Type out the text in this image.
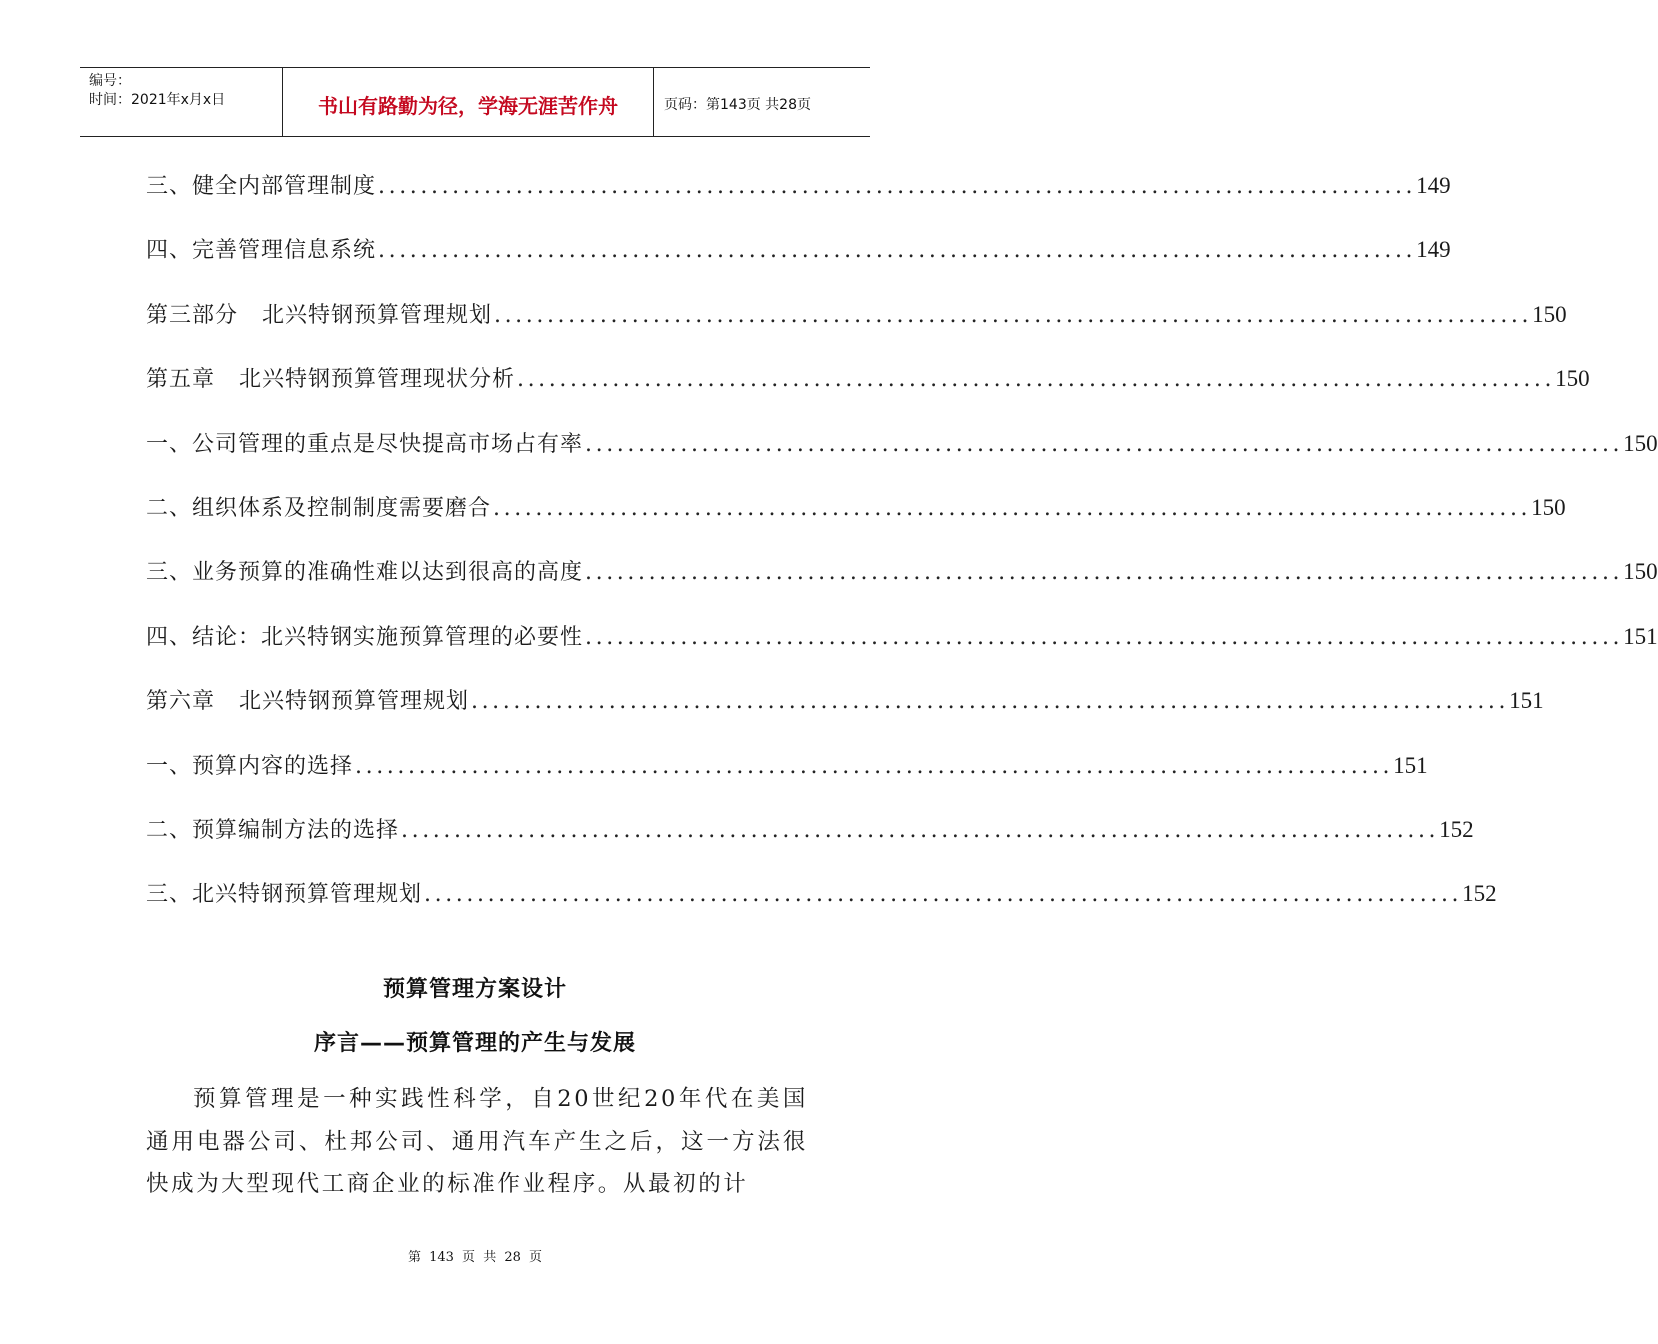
编号：
时间：2021年x月x日	书山有路勤为径，学海无涯苦作舟	页码：第143页 共28页
三、健全内部管理制度 .................................................................................................. 149
四、完善管理信息系统 .................................................................................................. 149
第三部分   北兴特钢预算管理规划 .................................................................................................. 150
第五章   北兴特钢预算管理现状分析 .................................................................................................. 150
一、公司管理的重点是尽快提高市场占有率 .................................................................................................. 150
二、组织体系及控制制度需要磨合 .................................................................................................. 150
三、业务预算的准确性难以达到很高的高度 .................................................................................................. 150
四、结论：北兴特钢实施预算管理的必要性 .................................................................................................. 151
第六章   北兴特钢预算管理规划 .................................................................................................. 151
一、预算内容的选择 .................................................................................................. 151
二、预算编制方法的选择 .................................................................................................. 152
三、北兴特钢预算管理规划 .................................................................................................. 152
预算管理方案设计
序言——预算管理的产生与发展
预算管理是一种实践性科学，自20世纪20年代在美国通用电器公司、杜邦公司、通用汽车产生之后，这一方法很快成为大型现代工商企业的标准作业程序。从最初的计
第 143 页 共 28 页
